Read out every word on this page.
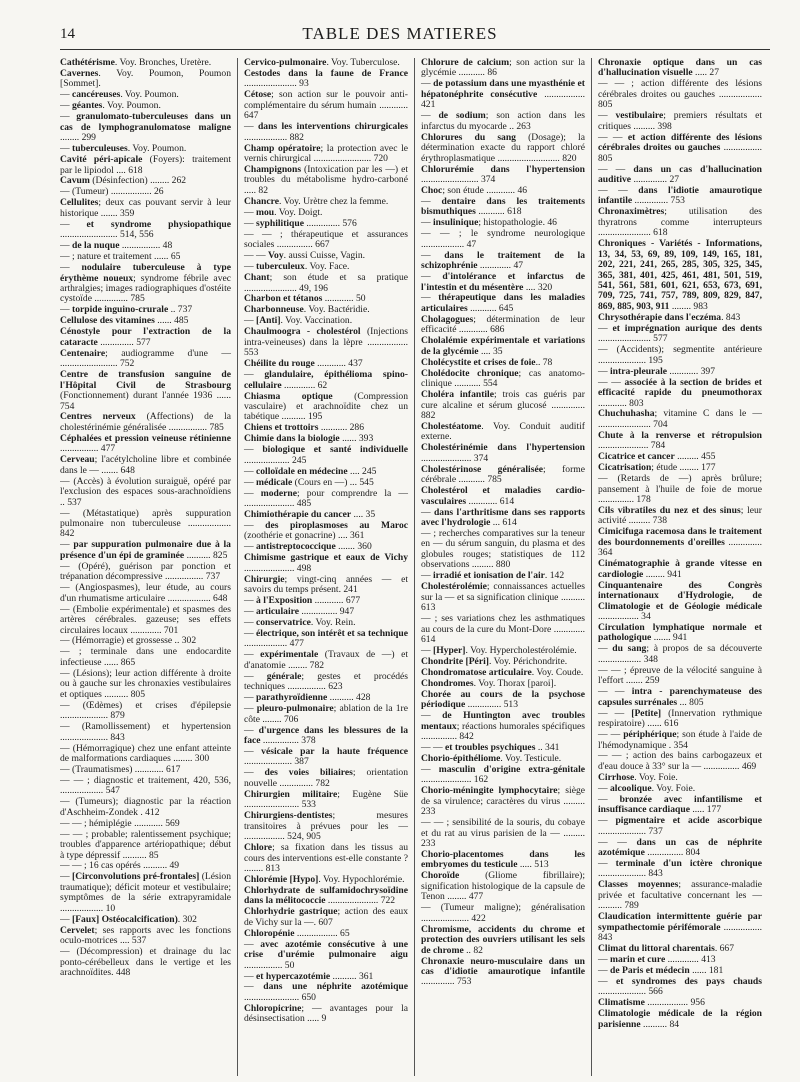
14	TABLE DES MATIERES
Cathétérisme. Voy. Bronches, Uretère.
Cavernes. Voy. Poumon, Poumon [Sommet].
— cancéreuses. Voy. Poumon.
— géantes. Voy. Poumon.
— granulomato-tuberculeuses dans un cas de lymphogranulomatose maligne ........ 299
— tuberculeuses. Voy. Poumon.
Cavité péri-apicale (Foyers): traitement par le lipiodol .... 618
Cavum (Désinfection) ........ 262
— (Tumeur) ................. 26
Cellulites; deux cas pouvant servir à leur historique ....... 359
— et syndrome physiopathique ........................ 514, 556
— de la nuque ................ 48
— ; nature et traitement ...... 65
— nodulaire tuberculeuse à type érythème noueux; syndrome fébrile avec arthralgies; images radiographiques d'ostéite cystoïde .............. 785
— torpide inguino-crurale .. 737
Cellulose des vitamines ...... 485
Cénostyle pour l'extraction de la cataracte .............. 577
Centenaire; audiogramme d'une — ........................ 752
Centre de transfusion sanguine de l'Hôpital Civil de Strasbourg (Fonctionnement) durant l'année 1936 ...... 754
Centres nerveux (Affections) de la cholestérinémie généralisée ................ 785
Céphalées et pression veineuse rétinienne ................ 477
Cerveau; l'acétylcholine libre et combinée dans le — ....... 648
— (Accès) à évolution suraiguë, opéré par l'exclusion des espaces sous-arachnoïdiens .. 537
— (Métastatique) après suppuration pulmonaire non tuberculeuse .................. 842
— par suppuration pulmonaire due à la présence d'un épi de graminée .......... 825
— (Opéré), guérison par ponction et trépanation décompressive ................ 737
— (Angiospasmes), leur étude, au cours d'un rhumatisme articulaire .................. 648
— (Embolie expérimentale) et spasmes des artères cérébrales. gazeuse; ses effets circulaires locaux ............. 701
— (Hémorragie) et grossesse .. 302
— ; terminale dans une endocardite infectieuse ...... 865
— (Lésions); leur action différente à droite ou à gauche sur les chronaxies vestibulaires et optiques .......... 805
— (Œdèmes) et crises d'épilepsie .................... 879
— (Ramollissement) et hypertension .................... 843
— (Hémorragique) chez une enfant atteinte de malformations cardiaques ........ 300
— (Traumatismes) ............ 617
— — ; diagnostic et traitement, 420, 536, .................. 547
— (Tumeurs); diagnostic par la réaction d'Aschheim-Zondek . 412
— — ; hémiplégie ............ 569
— — ; probable; ralentissement psychique; troubles d'apparence artériopathique; début à type dépressif .......... 85
— — ; 16 cas opérés .......... 49
— [Circonvolutions pré-frontales] (Lésion traumatique); déficit moteur et vestibulaire; symptômes de la série extrapyramidale .................. 10
— [Faux] Ostéocalcification). 302
Cervelet; ses rapports avec les fonctions oculo-motrices .... 537
— (Décompression) et drainage du lac ponto-cérébelleux dans le vertige et les arachnoïdites. 448
Cervico-pulmonaire. Voy. Tuberculose.
Cestodes dans la faune de France ...................... 93
Cétose; son action sur le pouvoir anti-complémentaire du sérum humain ............ 647
— dans les interventions chirurgicales .................. 882
Champ opératoire; la protection avec le vernis chirurgical ........................ 720
Champignons (Intoxication par les —) et troubles du métabolisme hydro-carboné ..... 82
Chancre. Voy. Urètre chez la femme.
— mou. Voy. Doigt.
— syphilitique .............. 576
— — ; thérapeutique et assurances sociales ............... 667
— — Voy. aussi Cuisse, Vagin.
— tuberculeux. Voy. Face.
Chant; son étude et sa pratique ...................... 49, 196
Charbon et tétanos ............ 50
Charbonneuse. Voy. Bactéridie.
— [Anti]. Voy. Vaccination.
Chaulmoogra - cholestérol (Injections intra-veineuses) dans la lèpre ................. 553
Chéilite du rouge ............ 437
— glandulaire, épithélioma spino-cellulaire ............. 62
Chiasma optique (Compression vasculaire) et arachnoïdite chez un tabétique .......... 195
Chiens et trottoirs ........... 286
Chimie dans la biologie ...... 393
— biologique et santé individuelle ................... 245
— colloïdale en médecine .... 245
— médicale (Cours en —) ... 545
— moderne; pour comprendre la — ..................... 485
Chimiothérapie du cancer .... 35
— des piroplasmoses au Maroc (zoothérie et gonacrine) .... 361
— antistreptococcique ....... 360
Chimisme gastrique et eaux de Vichy ..................... 498
Chirurgie; vingt-cinq années — et savoirs du temps présent. 241
— à l'Exposition ............ 677
— articulaire ............... 947
— conservatrice. Voy. Rein.
— électrique, son intérêt et sa technique .................. 477
— expérimentale (Travaux de —) et d'anatomie ........ 782
— générale; gestes et procédés techniques ................ 623
— parathyroïdienne .......... 428
— pleuro-pulmonaire; ablation de la 1re côte ........ 706
— d'urgence dans les blessures de la face ............... 378
— vésicale par la haute fréquence .................... 387
— des voies biliaires; orientation nouvelle .............. 782
Chirurgien militaire; Eugène Süe ....................... 533
Chirurgiens-dentistes; mesures transitoires à prévues pour les — ................. 524, 905
Chlore; sa fixation dans les tissus au cours des interventions est-elle constante ? ........ 813
Chlorémie [Hypo]. Voy. Hypochlorémie.
Chlorhydrate de sulfamidochrysoïdine dans la mélitococcie ..................... 722
Chlorhydrie gastrique; action des eaux de Vichy sur la —. 607
Chloropénie ................. 65
— avec azotémie consécutive à une crise d'urémie pulmonaire aigu ................ 50
— et hypercazotémie .......... 361
— dans une néphrite azotémique ....................... 650
Chloropicrine; — avantages pour la désinsectisation ..... 9
Chlorure de calcium; son action sur la glycémie ........... 86
— de potassium dans une myasthénie et hépatonéphrite consécutive ................. 421
— de sodium; son action dans les infarctus du myocarde .. 263
Chlorures du sang (Dosage); la détermination exacte du rapport chloré érythroplasmatique .......................... 820
Chlorurémie dans l'hypertension ........................ 374
Choc; son étude ............ 46
— dentaire dans les traitements bismuthiques ........... 618
— insulinique; histopathologie. 46
— — ; le syndrome neurologique .................. 47
— dans le traitement de la schizophrénie ............. 47
— d'intolérance et infarctus de l'intestin et du mésentère .... 320
— thérapeutique dans les maladies articulaires ........... 645
Cholagogues; détermination de leur efficacité ............ 686
Cholalémie expérimentale et variations de la glycémie .... 35
Cholécystite et crises de foie.. 78
Cholédocite chronique; cas anatomo-clinique ........... 554
Choléra infantile; trois cas guéris par cure alcaline et sérum glucosé .............. 882
Cholestéatome. Voy. Conduit auditif externe.
Cholestérinémie dans l'hypertension ..................... 374
Cholestérinose généralisée; forme cérébrale ........... 785
Cholestérol et maladies cardio-vasculaires ............ 614
— dans l'arthritisme dans ses rapports avec l'hydrologie ... 614
— ; recherches comparatives sur la teneur en — du sérum sanguin, du plasma et des globules rouges; statistiques de 112 observations ......... 880
— irradié et ionisation de l'air. 142
Cholestérolémie; connaissances actuelles sur la — et sa signification clinique .......... 613
— ; ses variations chez les asthmatiques au cours de la cure du Mont-Dore ............. 614
— [Hyper]. Voy. Hypercholestérolémie.
Chondrite [Péri]. Voy. Périchondrite.
Chondromatose articulaire. Voy. Coude.
Chondromes. Voy. Thorax [paroi].
Chorée au cours de la psychose périodique .............. 513
— de Huntington avec troubles mentaux; réactions humorales spécifiques ............... 842
— — et troubles psychiques .. 341
Chorio-épithéliome. Voy. Testicule.
— masculin d'origine extra-génitale ..................... 162
Chorio-méningite lymphocytaire; siège de sa virulence; caractères du virus ......... 233
— — ; sensibilité de la souris, du cobaye et du rat au virus parisien de la — ......... 233
Chorio-placentomes dans les embryomes du testicule ..... 513
Choroïde (Gliome fibrillaire); signification histologique de la capsule de Tenon ........ 477
— (Tumeur maligne); généralisation .................... 422
Chromisme, accidents du chrome et protection des ouvriers utilisant les sels de chrome .. 82
Chronaxie neuro-musculaire dans un cas d'idiotie amaurotique infantile .............. 753
Chronaxie optique dans un cas d'hallucination visuelle ..... 27
— — ; action différente des lésions cérébrales droites ou gauches .................. 805
— vestibulaire; premiers résultats et critiques ......... 398
— — et action différente des lésions cérébrales droites ou gauches ................ 805
— — dans un cas d'hallucination auditive .............. 27
— — dans l'idiotie amaurotique infantile .............. 753
Chronaximètres; utilisation des thyratrons comme interrupteurs ...................... 618
Chroniques - Variétés - Informations, 13, 34, 53, 69, 89, 109, 149, 165, 181, 202, 221, 241, 265, 285, 305, 325, 345, 365, 381, 401, 425, 461, 481, 501, 519, 541, 561, 581, 601, 621, 653, 673, 691, 709, 725, 741, 757, 789, 809, 829, 847, 869, 885, 903, 911 ........ 983
Chrysothérapie dans l'eczéma. 843
— et imprégnation aurique des dents ...................... 577
— (Accidents); segmentite antérieure .................... 195
— intra-pleurale ............ 397
— — associée à la section de brides et efficacité rapide du pneumothorax ............ 803
Chuchuhasha; vitamine C dans le — ...................... 704
Chute à la renverse et rétropulsion ..................... 784
Cicatrice et cancer ......... 455
Cicatrisation; étude ........ 177
— (Retards de —) après brûlure; pansement à l'huile de foie de morue ............... 178
Cils vibratiles du nez et des sinus; leur activité ......... 738
Cimicifuga racemosa dans le traitement des bourdonnements d'oreilles .............. 364
Cinématographie à grande vitesse en cardiologie ........ 941
Cinquantenaire des Congrès internationaux d'Hydrologie, de Climatologie et de Géologie médicale ................. 34
Circulation lymphatique normale et pathologique ....... 941
— du sang; à propos de sa découverte .................. 348
— — ; épreuve de la vélocité sanguine à l'effort ....... 259
— — intra - parenchymateuse des capsules surrénales ... 805
— — [Petite] (Innervation rythmique respiratoire) ...... 616
— — périphérique; son étude à l'aide de l'hémodynamique . 354
— — ; action des bains carbogazeux et d'eau douce à 33° sur la — ............... 469
Cirrhose. Voy. Foie.
— alcoolique. Voy. Foie.
— bronzée avec infantilisme et insuffisance cardiaque ..... 177
— pigmentaire et acide ascorbique .................... 737
— — dans un cas de néphrite azotémique ............... 804
— terminale d'un ictère chronique .................... 843
Classes moyennes; assurance-maladie privée et facultative concernant les — .......... 789
Claudication intermittente guérie par sympathectomie périfémorale ................ 843
Climat du littoral charentais. 667
— marin et cure ............. 413
— de Paris et médecin ...... 181
— et syndromes des pays chauds .................... 566
Climatisme ................. 956
Climatologie médicale de la région parisienne .......... 84
